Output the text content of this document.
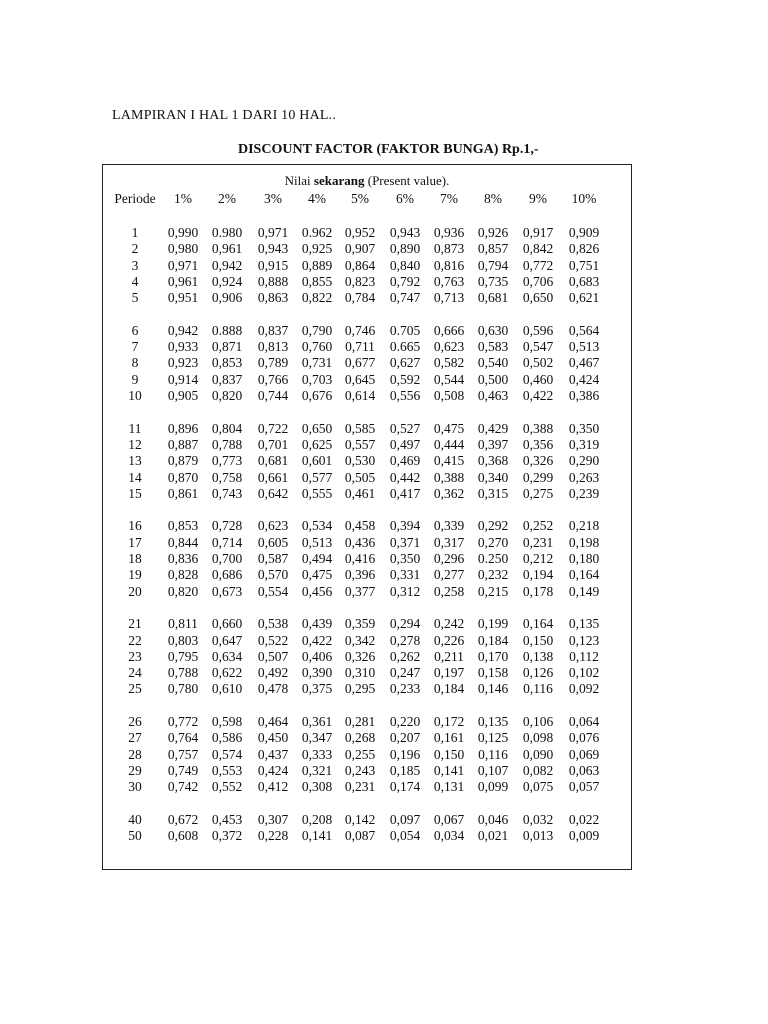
LAMPIRAN I HAL 1 DARI 10 HAL..
DISCOUNT FACTOR (FAKTOR BUNGA) Rp.1,-
Nilai sekarang (Present value).
Periode 1% 2% 3% 4% 5% 6% 7% 8% 9% 10%
1 0,990 0.980 0,971 0.962 0,952 0,943 0,936 0,926 0,917 0,909
2 0,980 0,961 0,943 0,925 0,907 0,890 0,873 0,857 0,842 0,826
3 0,971 0,942 0,915 0,889 0,864 0,840 0,816 0,794 0,772 0,751
4 0,961 0,924 0,888 0,855 0,823 0,792 0,763 0,735 0,706 0,683
5 0,951 0,906 0,863 0,822 0,784 0,747 0,713 0,681 0,650 0,621
6 0,942 0.888 0,837 0,790 0,746 0.705 0,666 0,630 0,596 0,564
7 0,933 0,871 0,813 0,760 0,711 0.665 0,623 0,583 0,547 0,513
8 0,923 0,853 0,789 0,731 0,677 0,627 0,582 0,540 0,502 0,467
9 0,914 0,837 0,766 0,703 0,645 0,592 0,544 0,500 0,460 0,424
10 0,905 0,820 0,744 0,676 0,614 0,556 0,508 0,463 0,422 0,386
11 0,896 0,804 0,722 0,650 0,585 0,527 0,475 0,429 0,388 0,350
12 0,887 0,788 0,701 0,625 0,557 0,497 0,444 0,397 0,356 0,319
13 0,879 0,773 0,681 0,601 0,530 0,469 0,415 0,368 0,326 0,290
14 0,870 0,758 0,661 0,577 0,505 0,442 0,388 0,340 0,299 0,263
15 0,861 0,743 0,642 0,555 0,461 0,417 0,362 0,315 0,275 0,239
16 0,853 0,728 0,623 0,534 0,458 0,394 0,339 0,292 0,252 0,218
17 0,844 0,714 0,605 0,513 0,436 0,371 0,317 0,270 0,231 0,198
18 0,836 0,700 0,587 0,494 0,416 0,350 0,296 0.250 0,212 0,180
19 0,828 0,686 0,570 0,475 0,396 0,331 0,277 0,232 0,194 0,164
20 0,820 0,673 0,554 0,456 0,377 0,312 0,258 0,215 0,178 0,149
21 0,811 0,660 0,538 0,439 0,359 0,294 0,242 0,199 0,164 0,135
22 0,803 0,647 0,522 0,422 0,342 0,278 0,226 0,184 0,150 0,123
23 0,795 0,634 0,507 0,406 0,326 0,262 0,211 0,170 0,138 0,112
24 0,788 0,622 0,492 0,390 0,310 0,247 0,197 0,158 0,126 0,102
25 0,780 0,610 0,478 0,375 0,295 0,233 0,184 0,146 0,116 0,092
26 0,772 0,598 0,464 0,361 0,281 0,220 0,172 0,135 0,106 0,064
27 0,764 0,586 0,450 0,347 0,268 0,207 0,161 0,125 0,098 0,076
28 0,757 0,574 0,437 0,333 0,255 0,196 0,150 0,116 0,090 0,069
29 0,749 0,553 0,424 0,321 0,243 0,185 0,141 0,107 0,082 0,063
30 0,742 0,552 0,412 0,308 0,231 0,174 0,131 0,099 0,075 0,057
40 0,672 0,453 0,307 0,208 0,142 0,097 0,067 0,046 0,032 0,022
50 0,608 0,372 0,228 0,141 0,087 0,054 0,034 0,021 0,013 0,009
